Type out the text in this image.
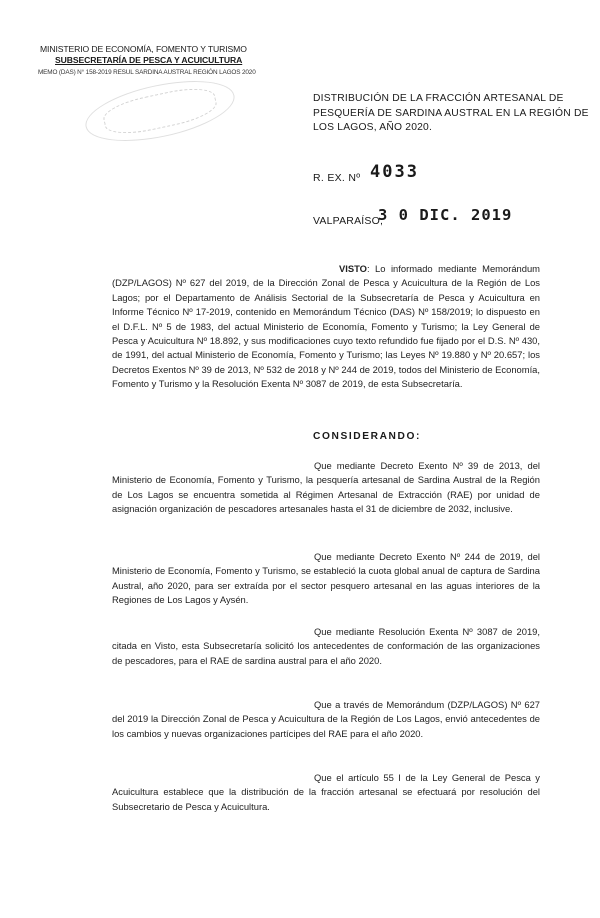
MINISTERIO DE ECONOMÍA, FOMENTO Y TURISMO
SUBSECRETARÍA DE PESCA Y ACUICULTURA
MEMO (DAS) N° 158-2019 RESUL SARDINA AUSTRAL REGIÓN LAGOS 2020
DISTRIBUCIÓN DE LA FRACCIÓN ARTESANAL DE
PESQUERÍA DE SARDINA AUSTRAL EN LA REGIÓN DE
LOS LAGOS, AÑO 2020.
R. EX. Nº 4033
VALPARAÍSO,
3 0 DIC. 2019
VISTO: Lo informado mediante Memorándum (DZP/LAGOS) Nº 627 del 2019, de la Dirección Zonal de Pesca y Acuicultura de la Región de Los Lagos; por el Departamento de Análisis Sectorial de la Subsecretaría de Pesca y Acuicultura en Informe Técnico Nº 17-2019, contenido en Memorándum Técnico (DAS) Nº 158/2019; lo dispuesto en el D.F.L. Nº 5 de 1983, del actual Ministerio de Economía, Fomento y Turismo; la Ley General de Pesca y Acuicultura Nº 18.892, y sus modificaciones cuyo texto refundido fue fijado por el D.S. Nº 430, de 1991, del actual Ministerio de Economía, Fomento y Turismo; las Leyes Nº 19.880 y Nº 20.657; los Decretos Exentos Nº 39 de 2013, Nº 532 de 2018 y Nº 244 de 2019, todos del Ministerio de Economía, Fomento y Turismo y la Resolución Exenta Nº 3087 de 2019, de esta Subsecretaría.
CONSIDERANDO:
Que mediante Decreto Exento Nº 39 de 2013, del
Ministerio de Economía, Fomento y Turismo, la pesquería artesanal de Sardina Austral de la Región de Los Lagos se encuentra sometida al Régimen Artesanal de Extracción (RAE) por unidad de asignación organización de pescadores artesanales hasta el 31 de diciembre de 2032, inclusive.
Que mediante Decreto Exento Nº 244 de 2019, del
Ministerio de Economía, Fomento y Turismo, se estableció la cuota global anual de captura de Sardina Austral, año 2020, para ser extraída por el sector pesquero artesanal en las aguas interiores de la Regiones de Los Lagos y Aysén.
Que mediante Resolución Exenta Nº 3087 de 2019,
citada en Visto, esta Subsecretaría solicitó los antecedentes de conformación de las organizaciones de pescadores, para el RAE de sardina austral para el año 2020.
Que a través de Memorándum (DZP/LAGOS) Nº 627
del 2019 la Dirección Zonal de Pesca y Acuicultura de la Región de Los Lagos, envió antecedentes de los cambios y nuevas organizaciones partícipes del RAE para el año 2020.
Que el artículo 55 I de la Ley General de Pesca y
Acuicultura establece que la distribución de la fracción artesanal se efectuará por resolución del Subsecretario de Pesca y Acuicultura.
